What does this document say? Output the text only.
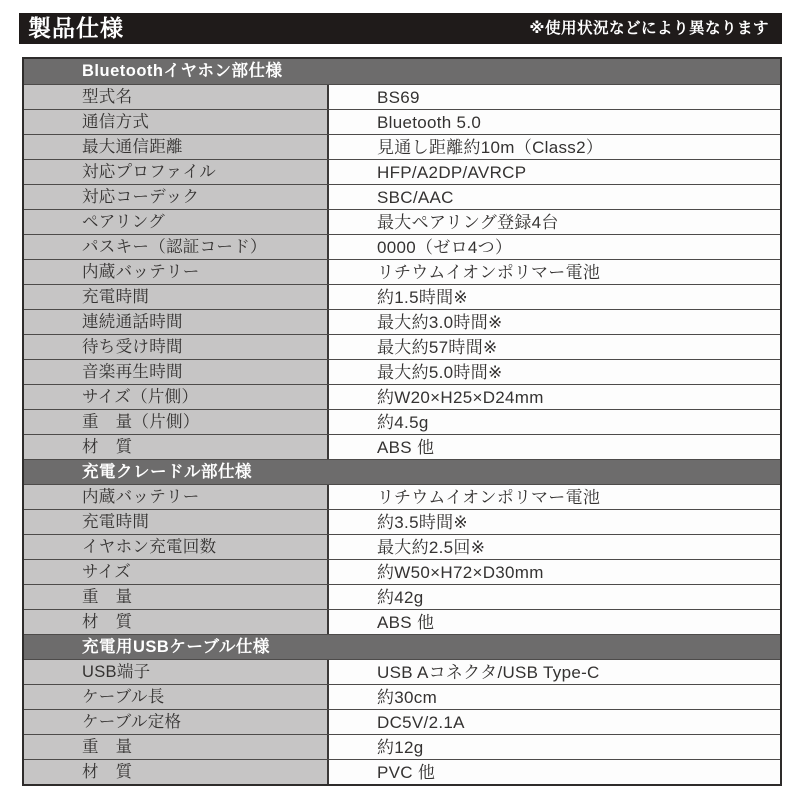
製品仕様	※使用状況などにより異なります
Bluetoothイヤホン部仕様
型式名	BS69
通信方式	Bluetooth 5.0
最大通信距離	見通し距離約10m（Class2）
対応プロファイル	HFP/A2DP/AVRCP
対応コーデック	SBC/AAC
ペアリング	最大ペアリング登録4台
パスキー（認証コード）	0000（ゼロ4つ）
内蔵バッテリー	リチウムイオンポリマー電池
充電時間	約1.5時間※
連続通話時間	最大約3.0時間※
待ち受け時間	最大約57時間※
音楽再生時間	最大約5.0時間※
サイズ（片側）	約W20×H25×D24mm
重　量（片側）	約4.5g
材　質	ABS 他
充電クレードル部仕様
内蔵バッテリー	リチウムイオンポリマー電池
充電時間	約3.5時間※
イヤホン充電回数	最大約2.5回※
サイズ	約W50×H72×D30mm
重　量	約42g
材　質	ABS 他
充電用USBケーブル仕様
USB端子	USB Aコネクタ/USB Type-C
ケーブル長	約30cm
ケーブル定格	DC5V/2.1A
重　量	約12g
材　質	PVC 他
